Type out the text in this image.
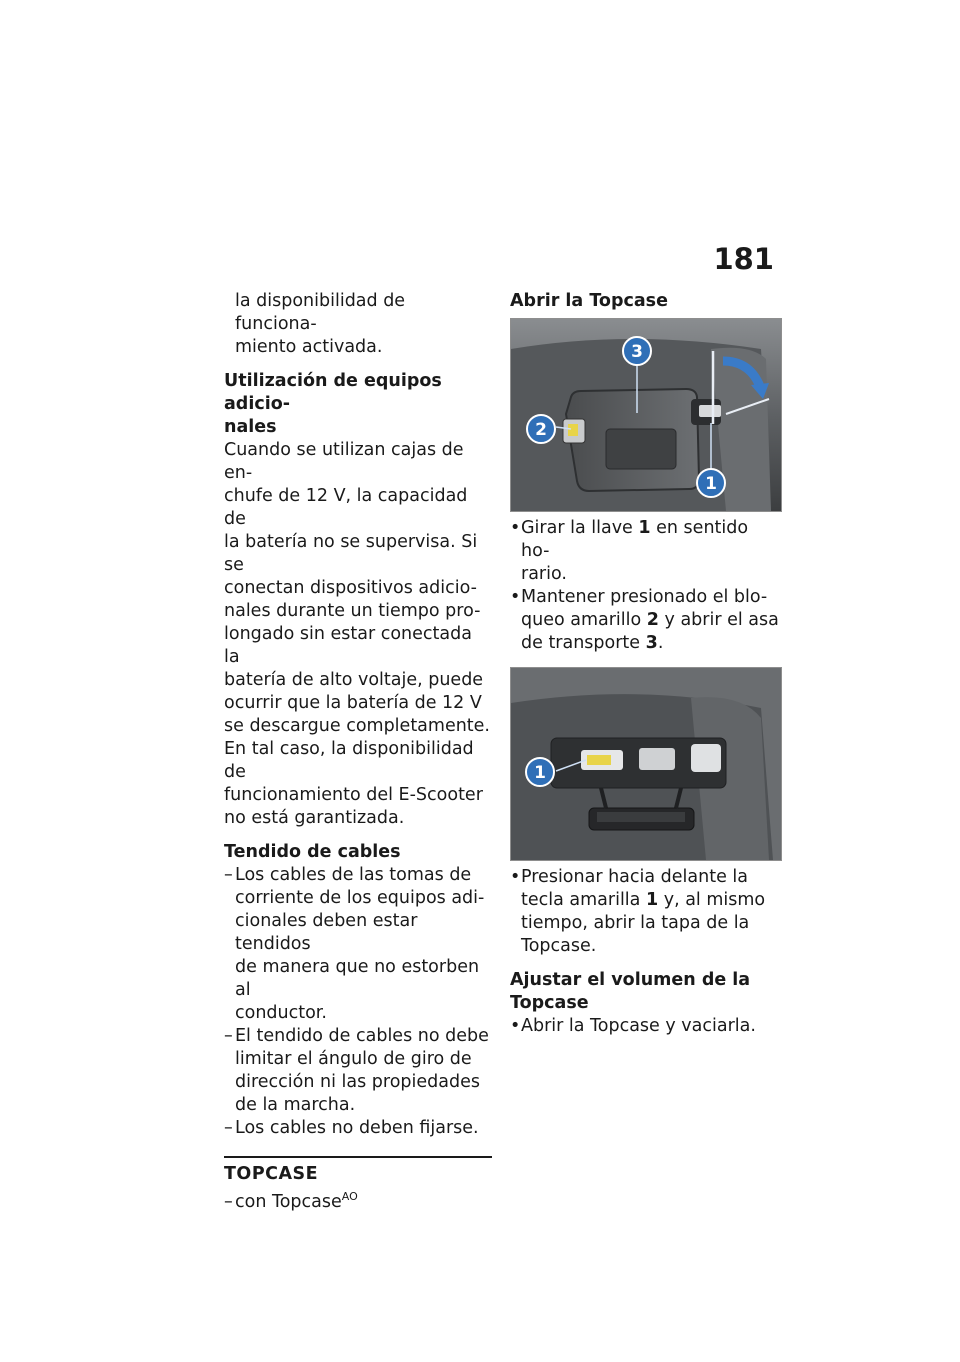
181

la disponibilidad de funciona-

miento activada.

Utilización de equipos adicio-

nales

Cuando se utilizan cajas de en-

chufe de 12 V, la capacidad de

la batería no se supervisa. Si se

conectan dispositivos adicio-

nales durante un tiempo pro-

longado sin estar conectada la

batería de alto voltaje, puede

ocurrir que la batería de 12 V

se descargue completamente.

En tal caso, la disponibilidad de

funcionamiento del E-Scooter

no está garantizada.

Tendido de cables

– Los cables de las tomas de
corriente de los equipos adi-
cionales deben estar tendidos
de manera que no estorben al
conductor.
– El tendido de cables no debe
limitar el ángulo de giro de
dirección ni las propiedades
de la marcha.
– Los cables no deben fijarse.
TOPCASE
– con Topcase$^{AO}$

Abrir la Topcase

3
2
1
• Girar la llave 1 en sentido ho-
rario.
• Mantener presionado el blo-
queo amarillo 2 y abrir el asa
de transporte 3.
1
• Presionar hacia delante la
tecla amarilla 1 y, al mismo
tiempo, abrir la tapa de la
Topcase.

Ajustar el volumen de la

Topcase

• Abrir la Topcase y vaciarla.
